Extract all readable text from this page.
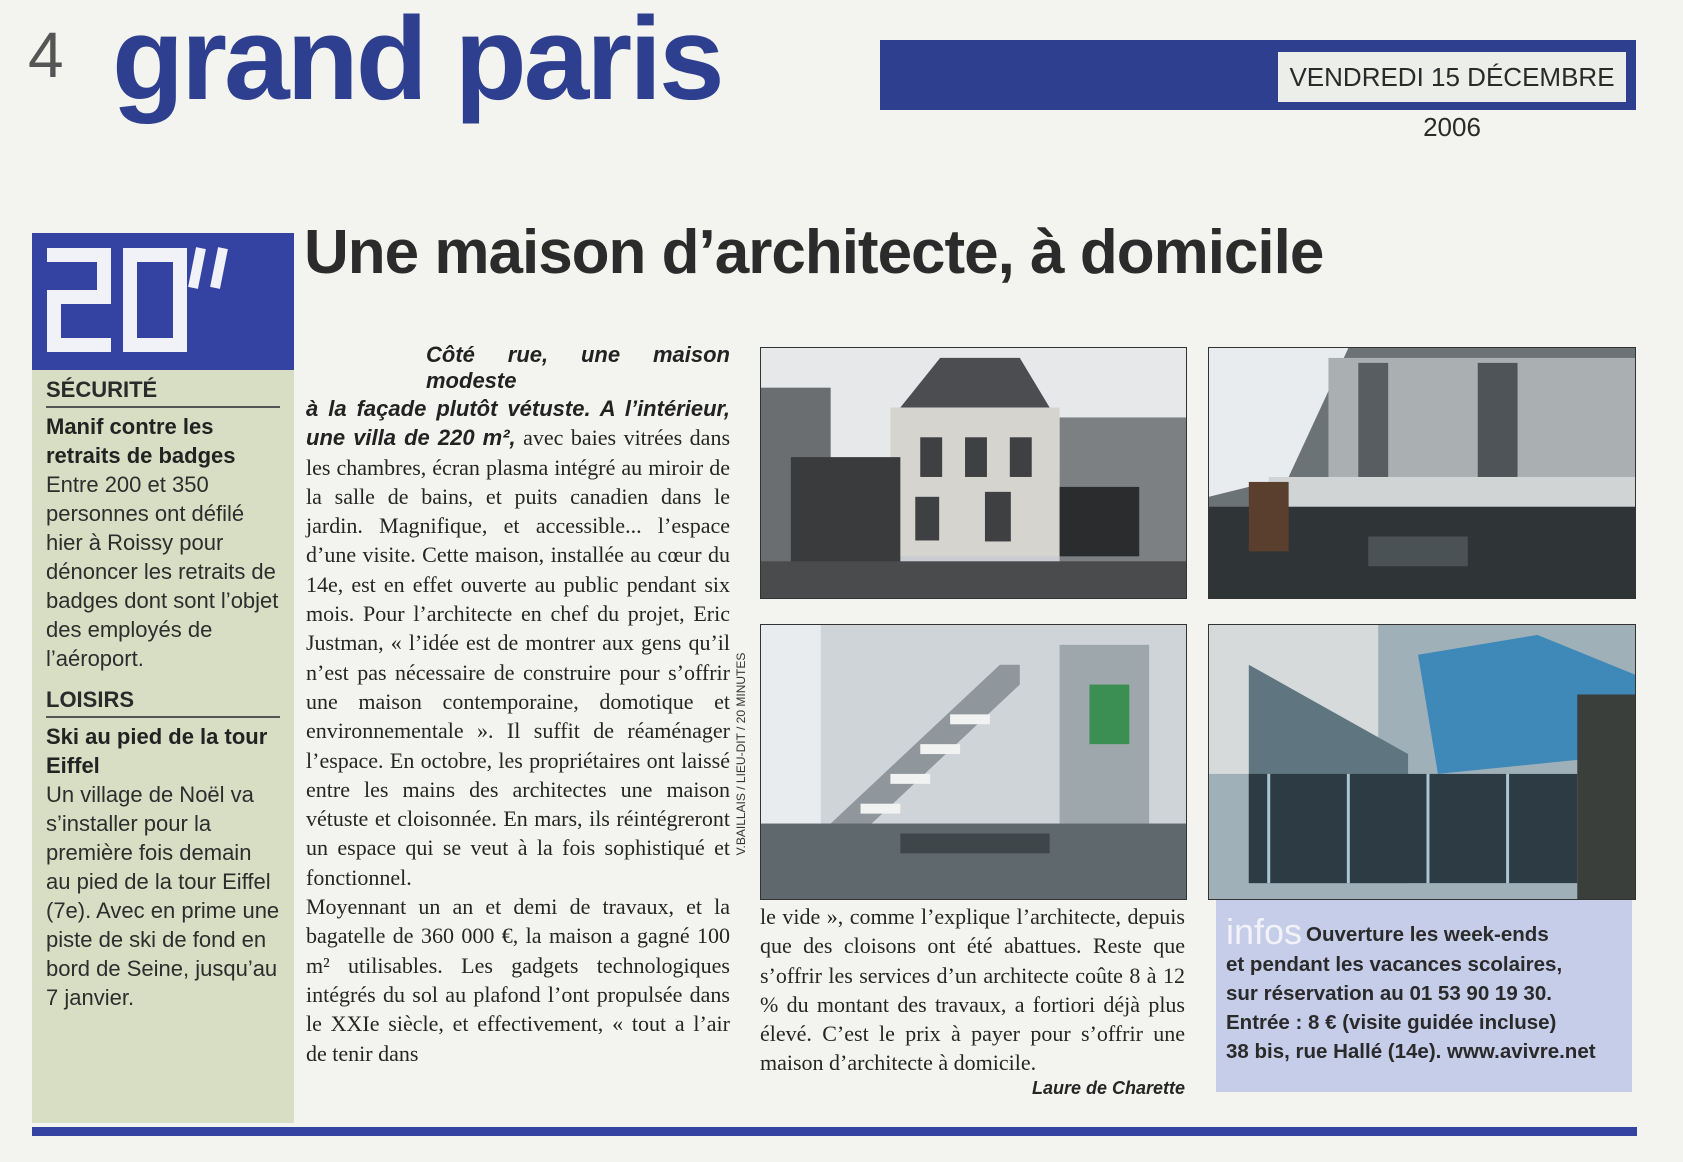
4 grand paris	VENDREDI 15 DÉCEMBRE 2006
SÉCURITÉ
Manif contre les retraits de badges
Entre 200 et 350 personnes ont défilé hier à Roissy pour dénoncer les retraits de badges dont sont l’objet des employés de l’aéroport.
LOISIRS
Ski au pied de la tour Eiffel
Un village de Noël va s’installer pour la première fois demain au pied de la tour Eiffel (7e). Avec en prime une piste de ski de fond en bord de Seine, jusqu’au 7 janvier.
Une maison d’architecte, à domicile
Côté rue, une maison modeste
à la façade plutôt vétuste. A l’intérieur, une villa de 220 m², avec baies vitrées dans les chambres, écran plasma intégré au miroir de la salle de bains, et puits canadien dans le jardin. Magnifique, et accessible... l’espace d’une visite. Cette maison, installée au cœur du 14e, est en effet ouverte au public pendant six mois. Pour l’architecte en chef du projet, Eric Justman, « l’idée est de montrer aux gens qu’il n’est pas nécessaire de construire pour s’offrir une maison contemporaine, domotique et environnementale ». Il suffit de réaménager l’espace. En octobre, les propriétaires ont laissé entre les mains des architectes une maison vétuste et cloisonnée. En mars, ils réintégreront un espace qui se veut à la fois sophistiqué et fonctionnel.
Moyennant un an et demi de travaux, et la bagatelle de 360 000 €, la maison a gagné 100 m² utilisables. Les gadgets technologiques intégrés du sol au plafond l’ont propulsée dans le XXIe siècle, et effectivement, « tout a l’air de tenir dans
V.BAILLAIS / LIEU-DIT / 20 MINUTES
le vide », comme l’explique l’architecte, depuis que des cloisons ont été abattues. Reste que s’offrir les services d’un architecte coûte 8 à 12 % du montant des travaux, a fortiori déjà plus élevé. C’est le prix à payer pour s’offrir une maison d’architecte à domicile.
Laure de Charette
infos Ouverture les week-ends
et pendant les vacances scolaires,
sur réservation au 01 53 90 19 30.
Entrée : 8 € (visite guidée incluse)
38 bis, rue Hallé (14e). www.avivre.net
